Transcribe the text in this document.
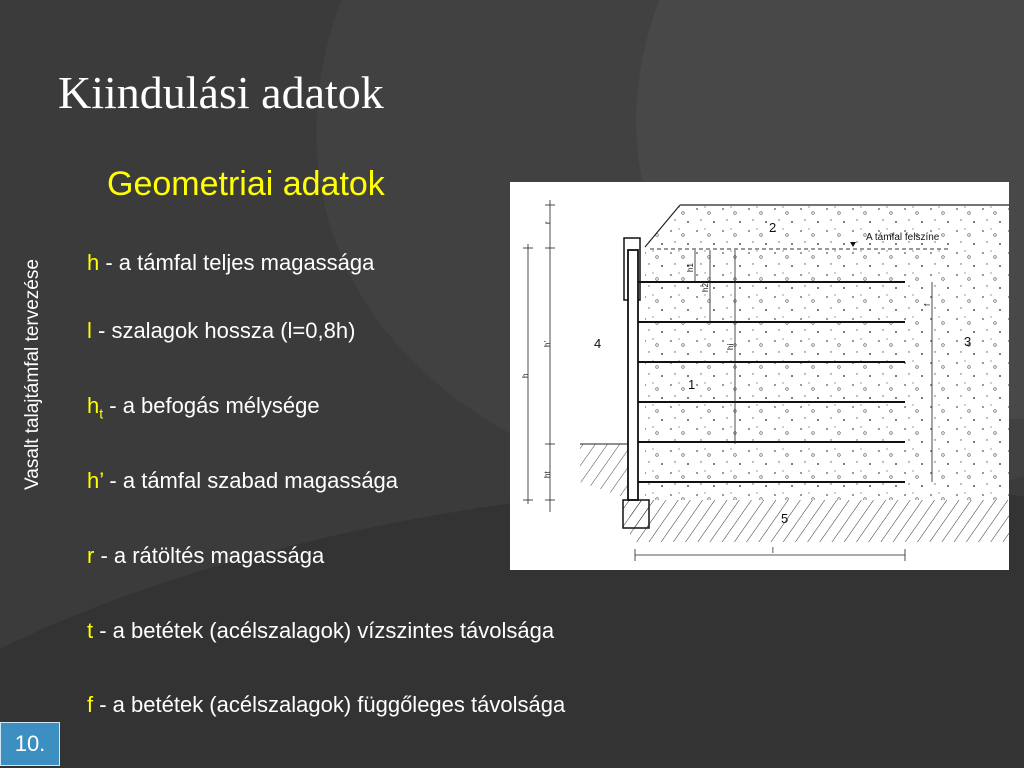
Kiindulási adatok
Vasalt talajtámfal tervezése
Geometriai adatok
h - a támfal teljes magassága
l - szalagok hossza (l=0,8h)
$h_t$ - a befogás mélysége
h’ - a támfal szabad magassága
r - a rátöltés magassága
t - a betétek (acélszalagok) vízszintes távolsága
f - a betétek (acélszalagok) függőleges távolsága
A támfal felszíne
r
h’
ht
h
h1
h2
hi
l
f
1
2
3
4
5
10.
